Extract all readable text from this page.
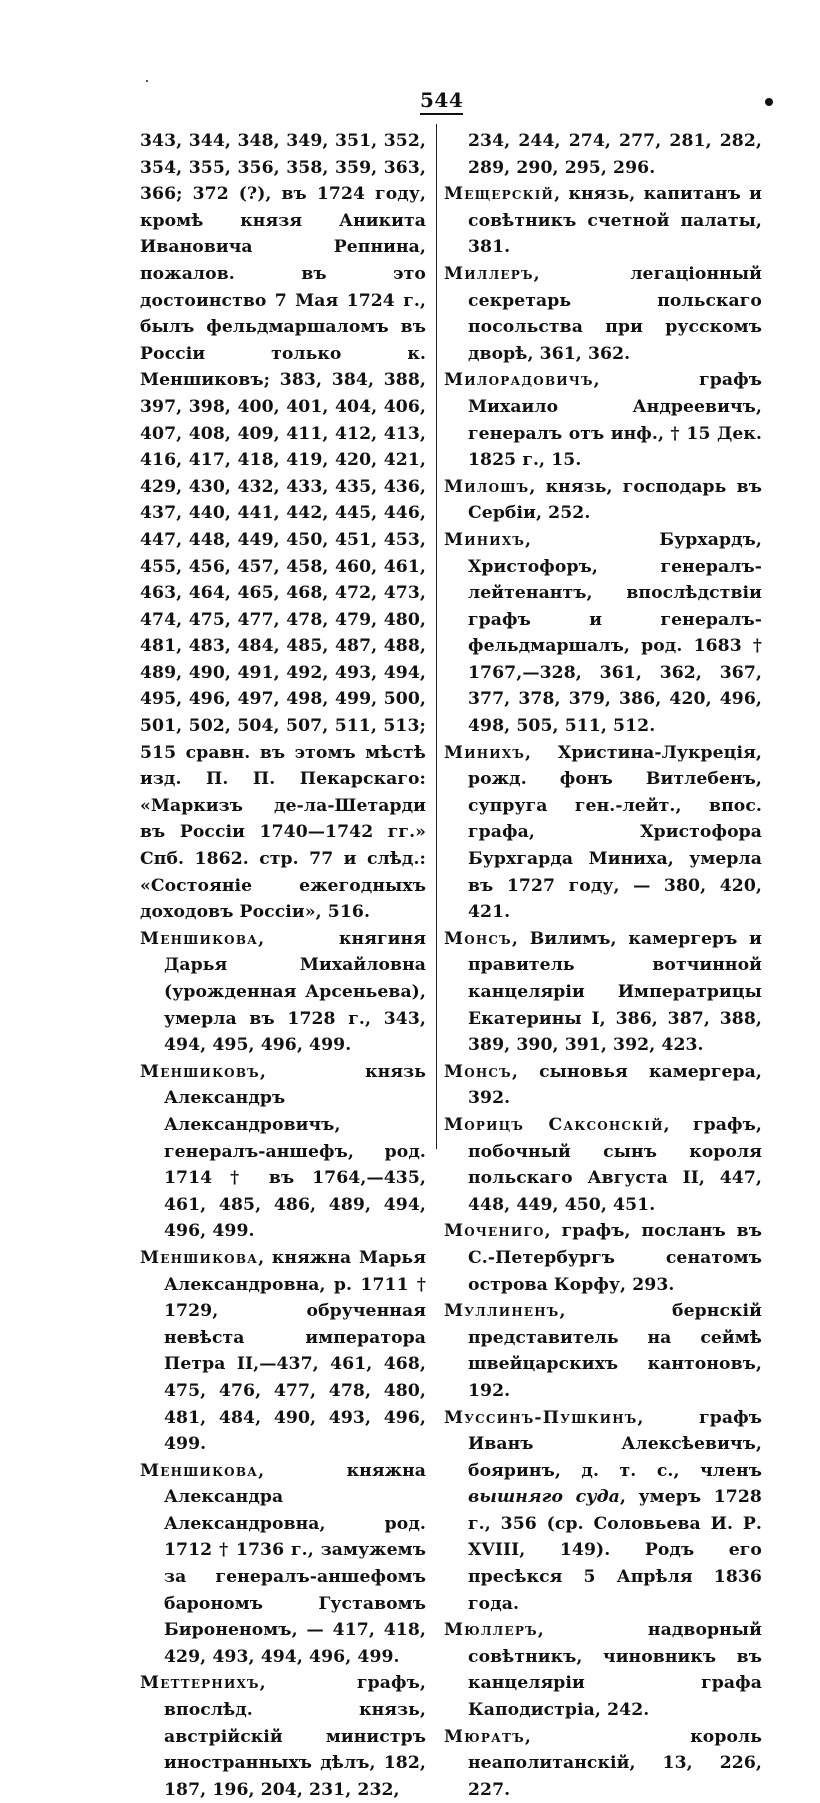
544

343, 344, 348, 349, 351, 352, 354, 355, 356, 358, 359, 363, 366; 372 (?), въ 1724 году, кромѣ князя Аникита Ивановича Репнина, пожалов. въ это достоинство 7 Мая 1724 г., былъ фельдмаршаломъ въ Россіи только к. Меншиковъ; 383, 384, 388, 397, 398, 400, 401, 404, 406, 407, 408, 409, 411, 412, 413, 416, 417, 418, 419, 420, 421, 429, 430, 432, 433, 435, 436, 437, 440, 441, 442, 445, 446, 447, 448, 449, 450, 451, 453, 455, 456, 457, 458, 460, 461, 463, 464, 465, 468, 472, 473, 474, 475, 477, 478, 479, 480, 481, 483, 484, 485, 487, 488, 489, 490, 491, 492, 493, 494, 495, 496, 497, 498, 499, 500, 501, 502, 504, 507, 511, 513; 515 сравн. въ этомъ мѣстѣ изд. П. П. Пекарскаго: «Маркизъ де-ла-Шетарди въ Россіи 1740—1742 гг.» Спб. 1862. стр. 77 и слѣд.: «Состояніе ежегодныхъ доходовъ Россіи», 516.

Меншикова, княгиня Дарья Михайловна (урожденная Арсеньева), умерла въ 1728 г., 343, 494, 495, 496, 499.

Меншиковъ, князь Александръ Александровичъ, генералъ-аншефъ, род. 1714 † въ 1764,—435, 461, 485, 486, 489, 494, 496, 499.

Меншикова, княжна Марья Александровна, р. 1711 † 1729, обрученная невѣста императора Петра II,—437, 461, 468, 475, 476, 477, 478, 480, 481, 484, 490, 493, 496, 499.

Меншикова, княжна Александра Александровна, род. 1712 † 1736 г., замужемъ за генералъ-аншефомъ барономъ Густавомъ Бироненомъ, — 417, 418, 429, 493, 494, 496, 499.

Меттернихъ, графъ, впослѣд. князь, австрійскій министръ иностранныхъ дѣлъ, 182, 187, 196, 204, 231, 232,

234, 244, 274, 277, 281, 282, 289, 290, 295, 296.

Мещерскій, князь, капитанъ и совѣтникъ счетной палаты, 381.

Миллеръ, легаціонный секретарь польскаго посольства при русскомъ дворѣ, 361, 362.

Милорадовичъ, графъ Михаило Андреевичъ, генералъ отъ инф., † 15 Дек. 1825 г., 15.

Милошъ, князь, господарь въ Сербіи, 252.

Минихъ, Бурхардъ, Христофоръ, генералъ-лейтенантъ, впослѣдствіи графъ и генералъ-фельдмаршалъ, род. 1683 † 1767,—328, 361, 362, 367, 377, 378, 379, 386, 420, 496, 498, 505, 511, 512.

Минихъ, Христина-Лукреція, рожд. фонъ Витлебенъ, супруга ген.-лейт., впос. графа, Христофора Бурхгарда Миниха, умерла въ 1727 году, — 380, 420, 421.

Монсъ, Вилимъ, камергеръ и правитель вотчинной канцеляріи Императрицы Екатерины I, 386, 387, 388, 389, 390, 391, 392, 423.

Монсъ, сыновья камергера, 392.

Морицъ Саксонскій, графъ, побочный сынъ короля польскаго Августа II, 447, 448, 449, 450, 451.

Мочениго, графъ, посланъ въ С.-Петербургъ сенатомъ острова Корфу, 293.

Муллиненъ, бернскій представитель на сеймѣ швейцарскихъ кантоновъ, 192.

Муссинъ-Пушкинъ, графъ Иванъ Алексѣевичъ, бояринъ, д. т. с., членъ вышняго суда, умеръ 1728 г., 356 (ср. Соловьева И. Р. XVIII, 149). Родъ его пресѣкся 5 Апрѣля 1836 года.

Мюллеръ, надворный совѣтникъ, чиновникъ въ канцеляріи графа Каподистріа, 242.

Мюратъ, король неаполитанскій, 13, 226, 227.
